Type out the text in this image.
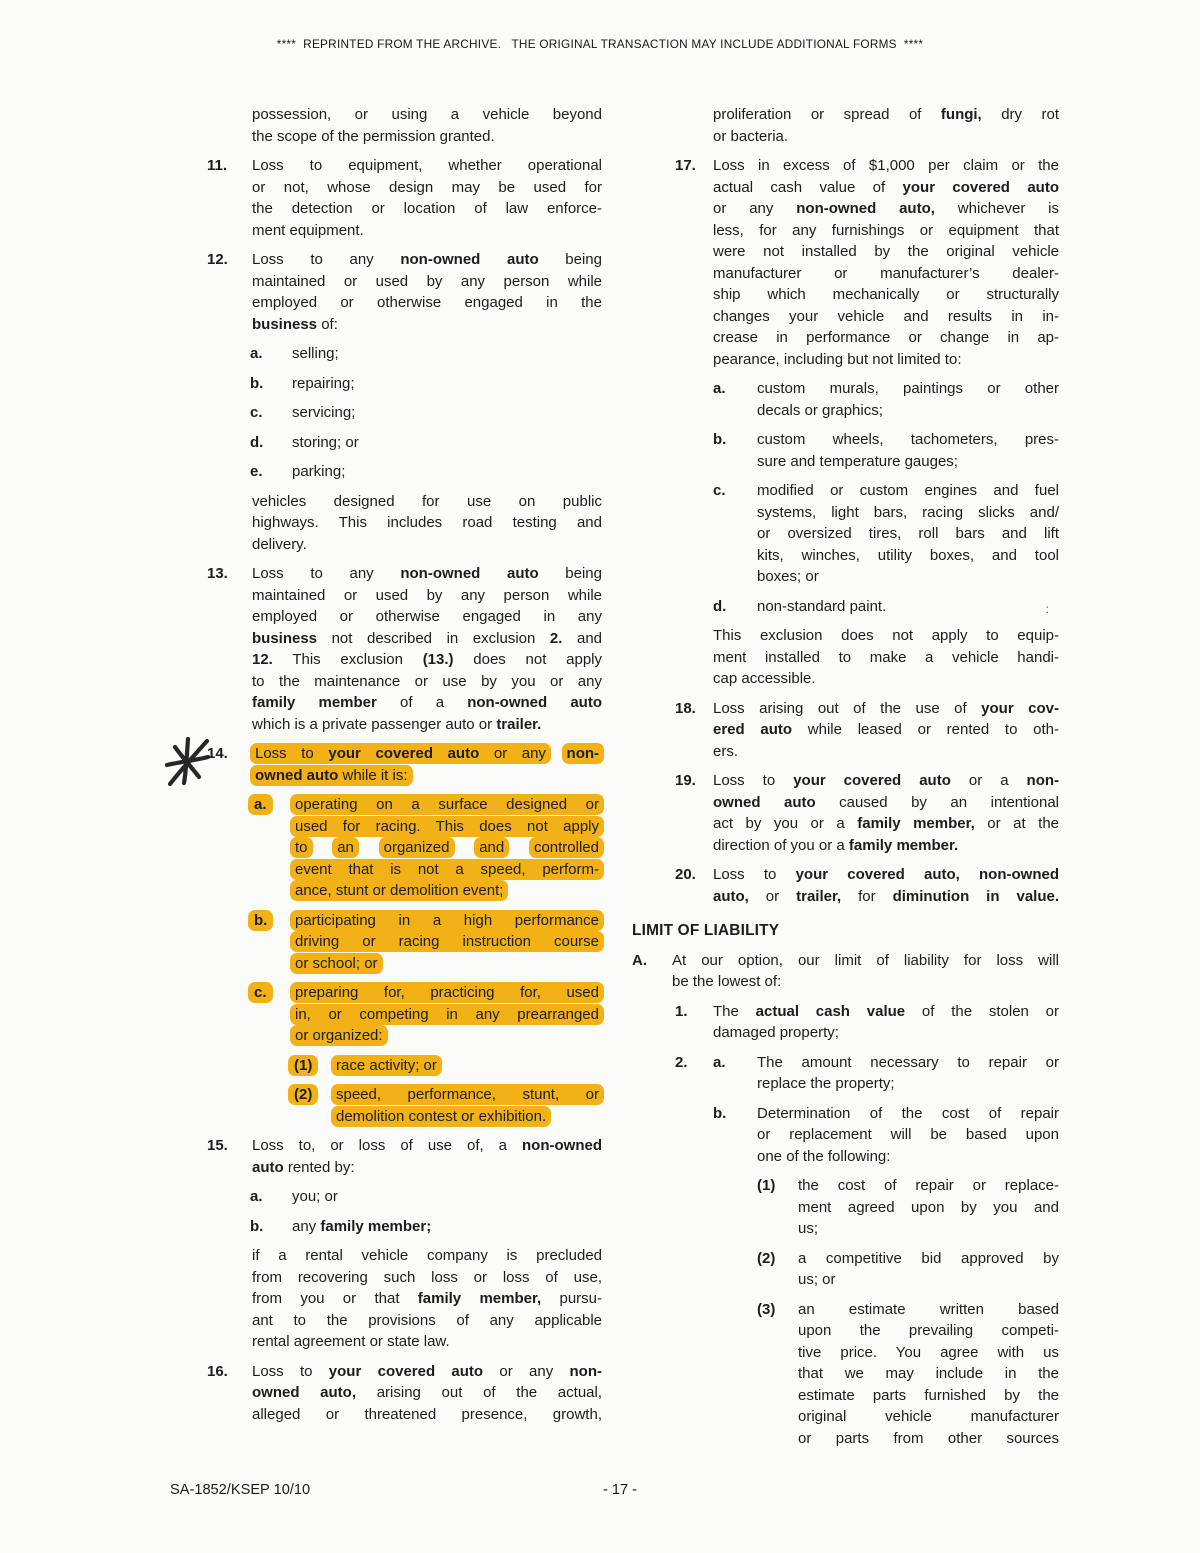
****  REPRINTED FROM THE ARCHIVE.   THE ORIGINAL TRANSACTION MAY INCLUDE ADDITIONAL FORMS  ****
possession, or using a vehicle beyond
the scope of the permission granted.
11. Loss to equipment, whether operational
or not, whose design may be used for
the detection or location of law enforce-
ment equipment.
12. Loss to any non-owned auto being
maintained or used by any person while
employed or otherwise engaged in the
business of:
a. selling;
b. repairing;
c. servicing;
d. storing; or
e. parking;
vehicles designed for use on public
highways. This includes road testing and
delivery.
13. Loss to any non-owned auto being
maintained or used by any person while
employed or otherwise engaged in any
business not described in exclusion 2. and
12. This exclusion (13.) does not apply
to the maintenance or use by you or any
family member of a non-owned auto
which is a private passenger auto or trailer.
14. Loss to your covered auto or any non-
owned auto while it is:
a. operating on a surface designed or
used for racing. This does not apply
to an organized and controlled
event that is not a speed, perform-
ance, stunt or demolition event;
b. participating in a high performance
driving or racing instruction course
or school; or
c. preparing for, practicing for, used
in, or competing in any prearranged
or organized:
(1) race activity; or
(2) speed, performance, stunt, or
demolition contest or exhibition.
15. Loss to, or loss of use of, a non-owned
auto rented by:
a. you; or
b. any family member;
if a rental vehicle company is precluded
from recovering such loss or loss of use,
from you or that family member, pursu-
ant to the provisions of any applicable
rental agreement or state law.
16. Loss to your covered auto or any non-
owned auto, arising out of the actual,
alleged or threatened presence, growth,
proliferation or spread of fungi, dry rot
or bacteria.
17. Loss in excess of $1,000 per claim or the
actual cash value of your covered auto
or any non-owned auto, whichever is
less, for any furnishings or equipment that
were not installed by the original vehicle
manufacturer or manufacturer’s dealer-
ship which mechanically or structurally
changes your vehicle and results in in-
crease in performance or change in ap-
pearance, including but not limited to:
a. custom murals, paintings or other
decals or graphics;
b. custom wheels, tachometers, pres-
sure and temperature gauges;
c. modified or custom engines and fuel
systems, light bars, racing slicks and/
or oversized tires, roll bars and lift
kits, winches, utility boxes, and tool
boxes; or
d. non-standard paint.	:
This exclusion does not apply to equip-
ment installed to make a vehicle handi-
cap accessible.
18. Loss arising out of the use of your cov-
ered auto while leased or rented to oth-
ers.
19. Loss to your covered auto or a non-
owned auto caused by an intentional
act by you or a family member, or at the
direction of you or a family member.
20. Loss to your covered auto, non-owned
auto, or trailer, for diminution in value.
LIMIT OF LIABILITY
A. At our option, our limit of liability for loss will
be the lowest of:
1. The actual cash value of the stolen or
damaged property;
a.
2.	The amount necessary to repair or
replace the property;
b. Determination of the cost of repair
or replacement will be based upon
one of the following:
(1) the cost of repair or replace-
ment agreed upon by you and
us;
(2) a competitive bid approved by
us; or
(3) an estimate written based
upon the prevailing competi-
tive price. You agree with us
that we may include in the
estimate parts furnished by the
original vehicle manufacturer
or parts from other sources
SA-1852/KSEP 10/10	- 17 -
